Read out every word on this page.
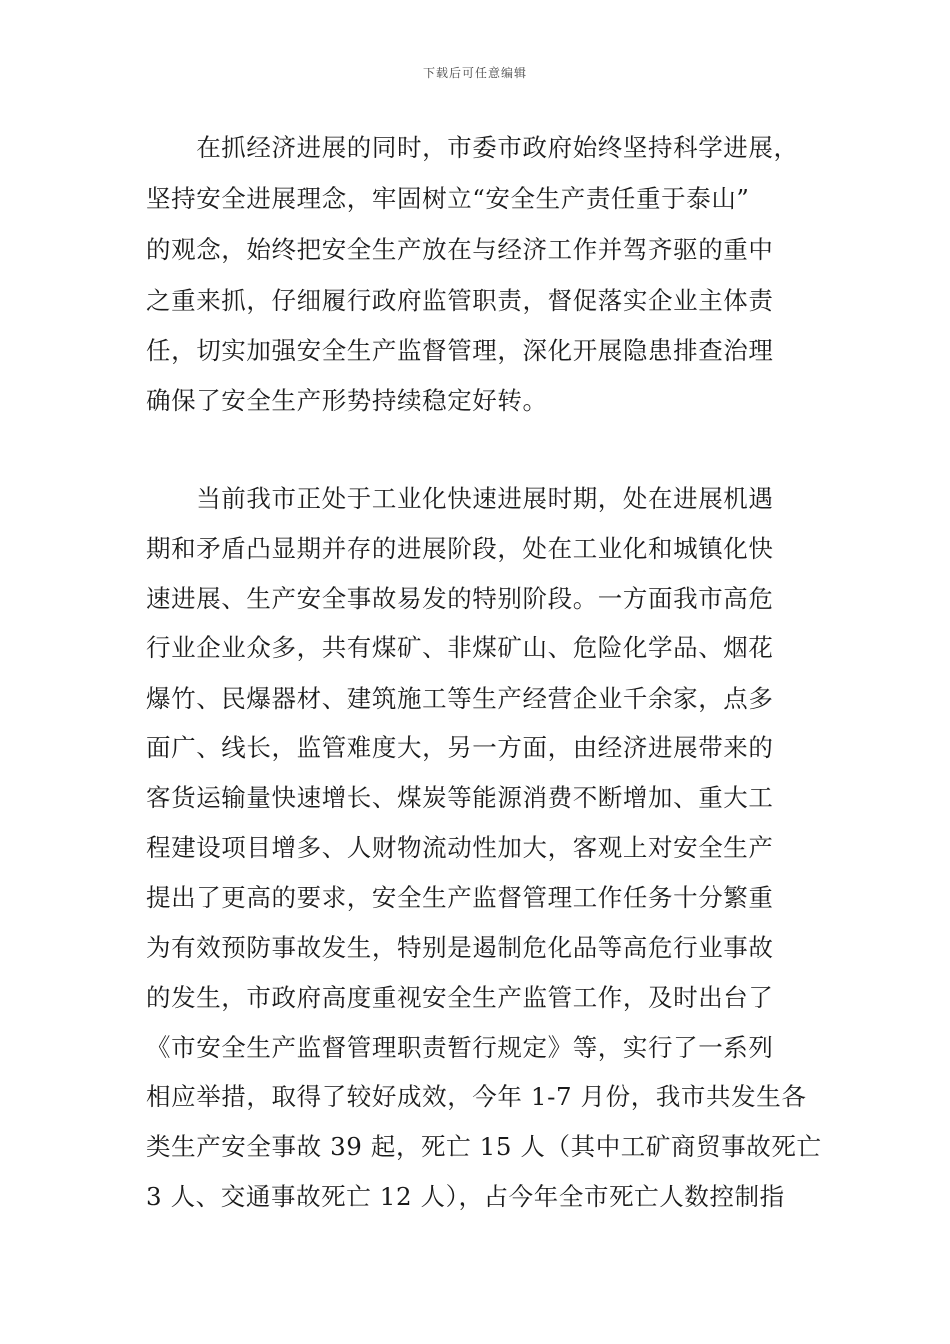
下载后可任意编辑
　　在抓经济进展的同时，市委市政府始终坚持科学进展，
坚持安全进展理念，牢固树立“安全生产责任重于泰山”
的观念，始终把安全生产放在与经济工作并驾齐驱的重中
之重来抓，仔细履行政府监管职责，督促落实企业主体责
任，切实加强安全生产监督管理，深化开展隐患排查治理
确保了安全生产形势持续稳定好转。
　　当前我市正处于工业化快速进展时期，处在进展机遇
期和矛盾凸显期并存的进展阶段，处在工业化和城镇化快
速进展、生产安全事故易发的特别阶段。一方面我市高危
行业企业众多，共有煤矿、非煤矿山、危险化学品、烟花
爆竹、民爆器材、建筑施工等生产经营企业千余家，点多
面广、线长，监管难度大，另一方面，由经济进展带来的
客货运输量快速增长、煤炭等能源消费不断增加、重大工
程建设项目增多、人财物流动性加大，客观上对安全生产
提出了更高的要求，安全生产监督管理工作任务十分繁重
为有效预防事故发生，特别是遏制危化品等高危行业事故
的发生，市政府高度重视安全生产监管工作，及时出台了
《市安全生产监督管理职责暂行规定》等，实行了一系列
相应举措，取得了较好成效，今年 1-7 月份，我市共发生各
类生产安全事故 39 起，死亡 15 人（其中工矿商贸事故死亡
3 人、交通事故死亡 12 人），占今年全市死亡人数控制指
